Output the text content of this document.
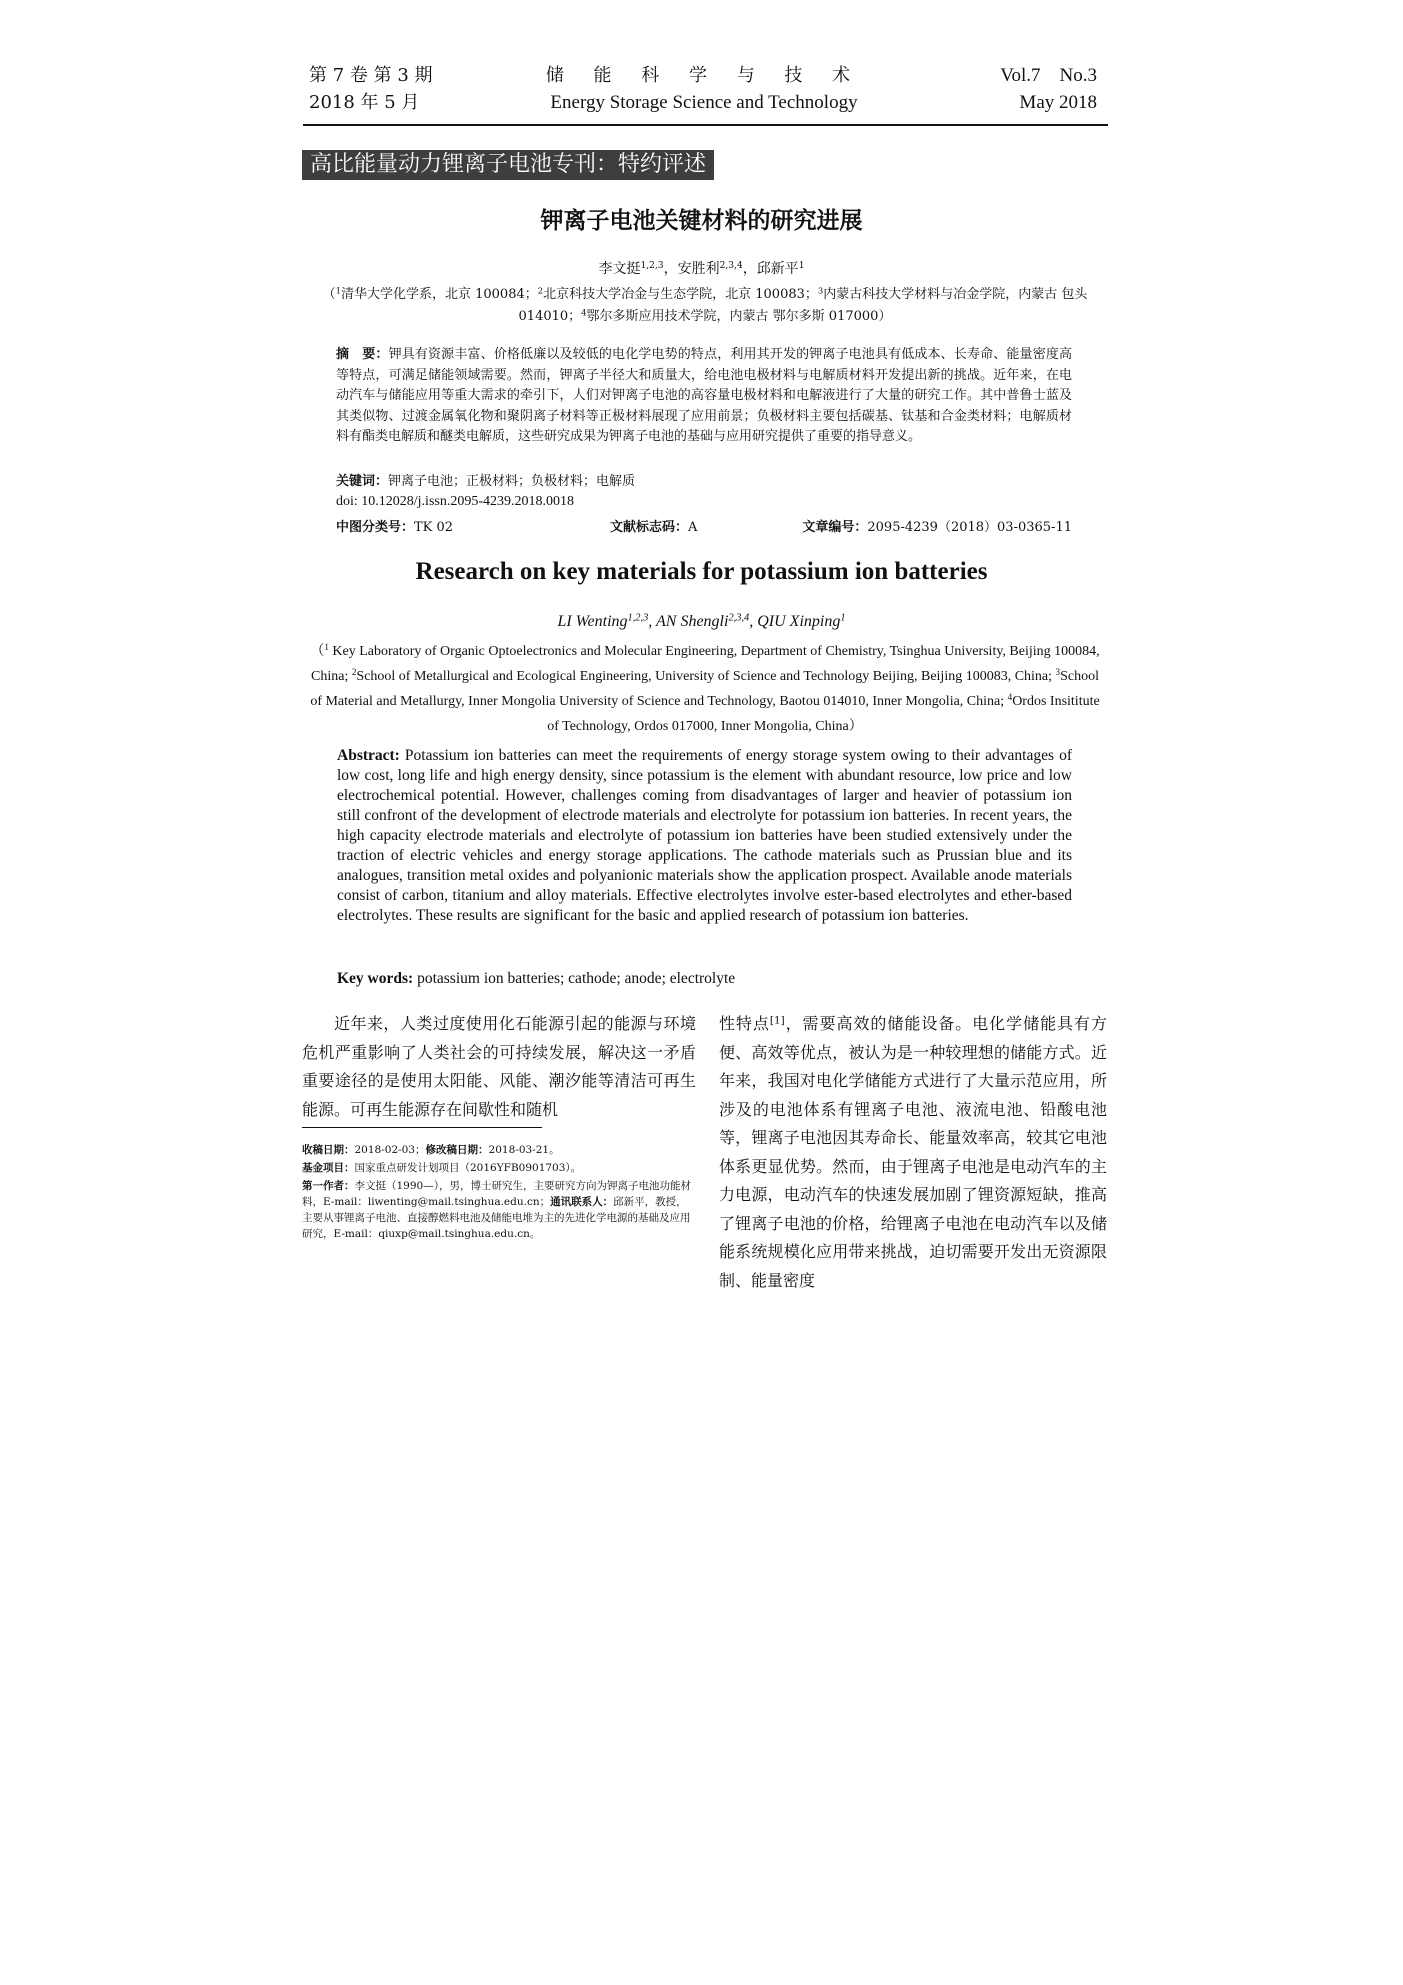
第 7 卷 第 3 期
2018 年 5 月
储 能 科 学 与 技 术
Energy Storage Science and Technology
Vol.7　No.3
May 2018
高比能量动力锂离子电池专刊：特约评述
钾离子电池关键材料的研究进展
李文挺$^{1,2,3}$，安胜利$^{2,3,4}$，邱新平$^1$
（$^1$清华大学化学系，北京 100084；$^2$北京科技大学冶金与生态学院，北京 100083；$^3$内蒙古科技大学材料与冶金学院，内蒙古 包头 014010；$^4$鄂尔多斯应用技术学院，内蒙古 鄂尔多斯 017000）
摘　要：钾具有资源丰富、价格低廉以及较低的电化学电势的特点，利用其开发的钾离子电池具有低成本、长寿命、能量密度高等特点，可满足储能领域需要。然而，钾离子半径大和质量大，给电池电极材料与电解质材料开发提出新的挑战。近年来，在电动汽车与储能应用等重大需求的牵引下，人们对钾离子电池的高容量电极材料和电解液进行了大量的研究工作。其中普鲁士蓝及其类似物、过渡金属氧化物和聚阴离子材料等正极材料展现了应用前景；负极材料主要包括碳基、钛基和合金类材料；电解质材料有酯类电解质和醚类电解质，这些研究成果为钾离子电池的基础与应用研究提供了重要的指导意义。
关键词：钾离子电池；正极材料；负极材料；电解质
doi: 10.12028/j.issn.2095-4239.2018.0018
中图分类号：TK 02	文献标志码：A	文章编号：2095-4239（2018）03-0365-11
Research on key materials for potassium ion batteries
LI Wenting$^{1,2,3}$, AN Shengli$^{2,3,4}$, QIU Xinping$^1$
（$^1$ Key Laboratory of Organic Optoelectronics and Molecular Engineering, Department of Chemistry, Tsinghua University, Beijing 100084, China; $^2$School of Metallurgical and Ecological Engineering, University of Science and Technology Beijing, Beijing 100083, China; $^3$School of Material and Metallurgy, Inner Mongolia University of Science and Technology, Baotou 014010, Inner Mongolia, China; $^4$Ordos Insititute of Technology, Ordos 017000, Inner Mongolia, China）
Abstract: Potassium ion batteries can meet the requirements of energy storage system owing to their advantages of low cost, long life and high energy density, since potassium is the element with abundant resource, low price and low electrochemical potential. However, challenges coming from disadvantages of larger and heavier of potassium ion still confront of the development of electrode materials and electrolyte for potassium ion batteries. In recent years, the high capacity electrode materials and electrolyte of potassium ion batteries have been studied extensively under the traction of electric vehicles and energy storage applications. The cathode materials such as Prussian blue and its analogues, transition metal oxides and polyanionic materials show the application prospect. Available anode materials consist of carbon, titanium and alloy materials. Effective electrolytes involve ester-based electrolytes and ether-based electrolytes. These results are significant for the basic and applied research of potassium ion batteries.
Key words: potassium ion batteries; cathode; anode; electrolyte
近年来，人类过度使用化石能源引起的能源与环境危机严重影响了人类社会的可持续发展，解决这一矛盾重要途径的是使用太阳能、风能、潮汐能等清洁可再生能源。可再生能源存在间歇性和随机
性特点[1]，需要高效的储能设备。电化学储能具有方便、高效等优点，被认为是一种较理想的储能方式。近年来，我国对电化学储能方式进行了大量示范应用，所涉及的电池体系有锂离子电池、液流电池、铅酸电池等，锂离子电池因其寿命长、能量效率高，较其它电池体系更显优势。然而，由于锂离子电池是电动汽车的主力电源，电动汽车的快速发展加剧了锂资源短缺，推高了锂离子电池的价格，给锂离子电池在电动汽车以及储能系统规模化应用带来挑战，迫切需要开发出无资源限制、能量密度

收稿日期：2018-02-03；修改稿日期：2018-03-21。

基金项目：国家重点研发计划项目（2016YFB0901703）。

第一作者：李文挺（1990—），男，博士研究生，主要研究方向为钾离子电池功能材料，E-mail：liwenting@mail.tsinghua.edu.cn；通讯联系人：邱新平，教授，主要从事锂离子电池、直接醇燃料电池及储能电堆为主的先进化学电源的基础及应用研究，E-mail：qiuxp@mail.tsinghua.edu.cn。
